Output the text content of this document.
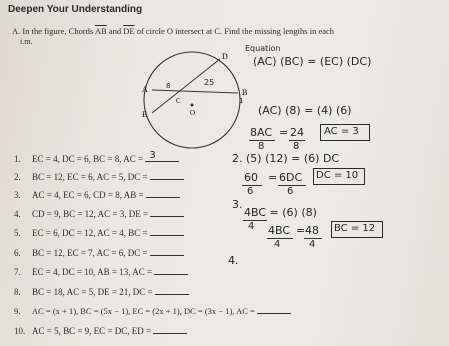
Deepen Your Understanding
A. In the figure, Chords $\overline{AB}$ and $\overline{DE}$ of circle O intersect at C. Find the missing lengths in each
i.m.
A	B
C
D
E	O
25
8
1
Equation
(AC) (BC) = (EC) (DC)
(AC) (8) = (4) (6)
8AC
8
= 24
8
AC = 3
2. (5) (12) = (6) DC
60
6
= 6DC
6
DC = 10
3.
4BC = (6) (8)
4 4BC
4
= 48
4
BC = 12
4.
1. EC = 4, DC = 6, BC = 8, AC = 3
2. BC = 12, EC = 6, AC = 5, DC =
3. AC = 4, EC = 6, CD = 8, AB =
4. CD = 9, BC = 12, AC = 3, DE =
5. EC = 6, DC = 12, AC = 4, BC =
6. BC = 12, EC = 7, AC = 6, DC =
7. EC = 4, DC = 10, AB = 13, AC =
8. BC = 18, AC = 5, DE = 21, DC =
9. AC = (x + 1), BC = (5x − 1), EC = (2x + 1), DC = (3x − 1), AC =
10. AC = 5, BC = 9, EC = DC, ED =
